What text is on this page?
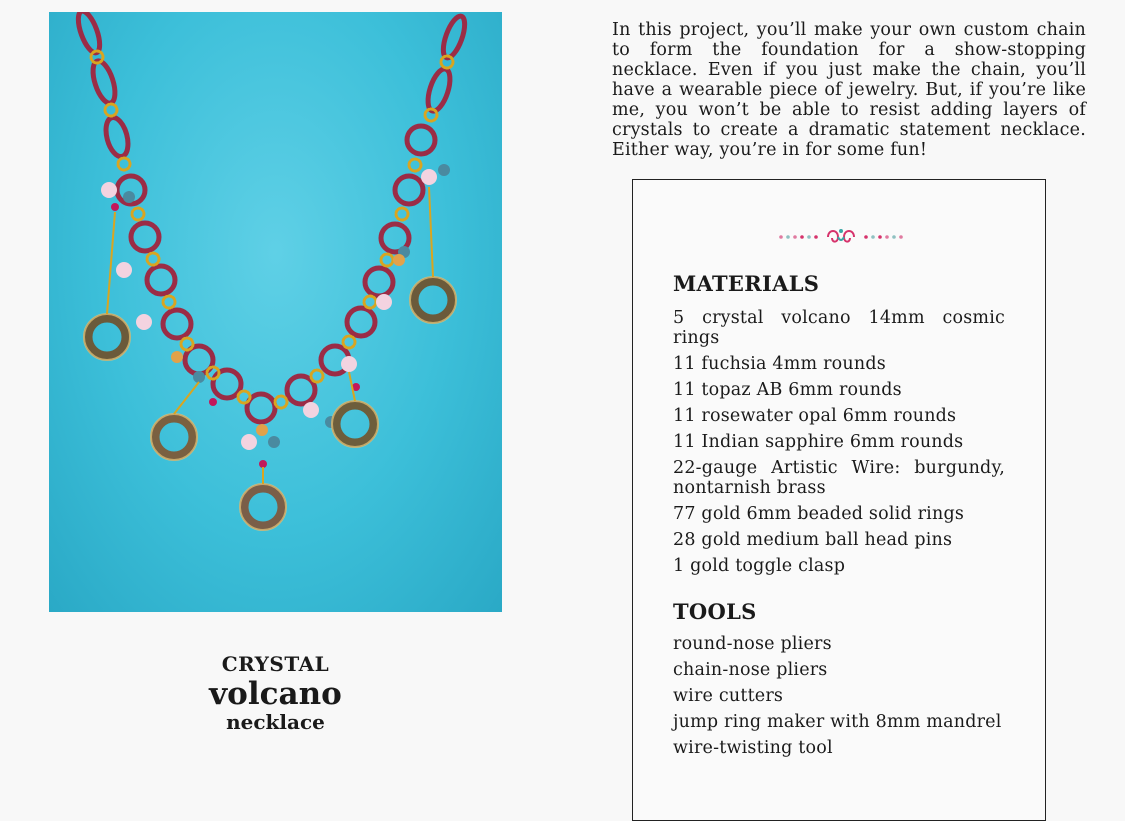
CRYSTAL
volcano
necklace

In this project, you’ll make your own custom chain to form the foundation for a show-stopping necklace. Even if you just make the chain, you’ll have a wearable piece of jewelry. But, if you’re like me, you won’t be able to resist adding layers of crystals to create a dramatic statement necklace. Either way, you’re in for some fun!

MATERIALS
5 crystal volcano 14mm cosmic rings
11 fuchsia 4mm rounds
11 topaz AB 6mm rounds
11 rosewater opal 6mm rounds
11 Indian sapphire 6mm rounds
22-gauge Artistic Wire: burgundy, nontarnish brass
77 gold 6mm beaded solid rings
28 gold medium ball head pins
1 gold toggle clasp
TOOLS
round-nose pliers
chain-nose pliers
wire cutters
jump ring maker with 8mm mandrel
wire-twisting tool
